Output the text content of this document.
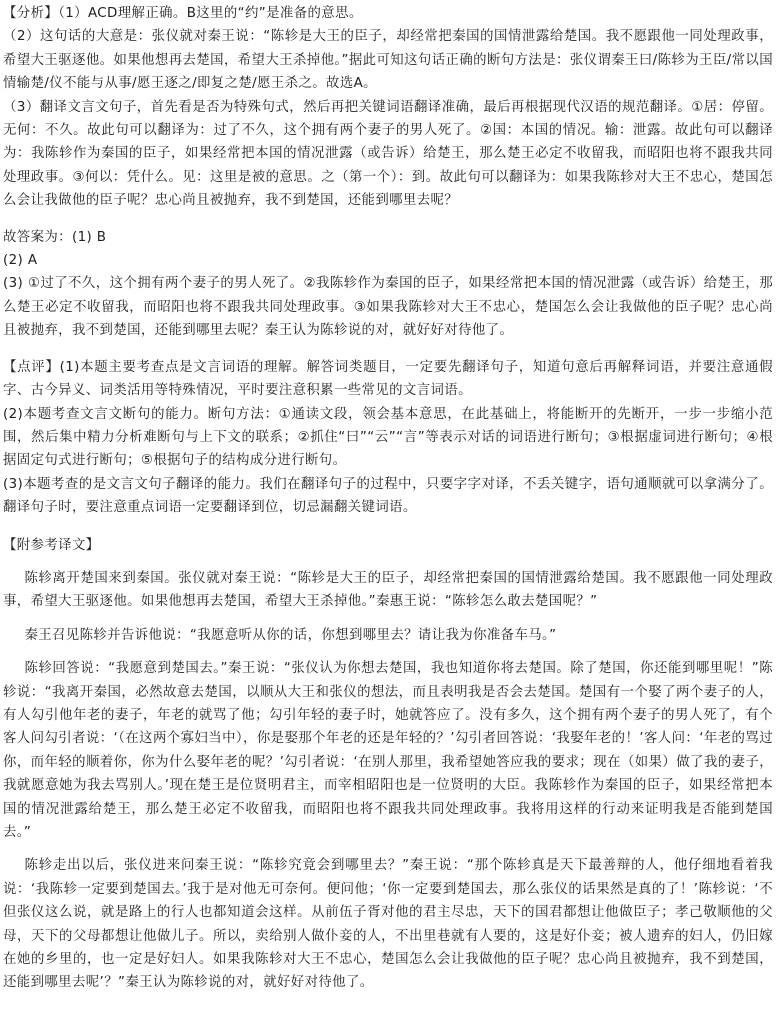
【分析】（1）ACD理解正确。B这里的“约”是准备的意思。

（2）这句话的大意是：张仪就对秦王说：“陈轸是大王的臣子，却经常把秦国的国情泄露给楚国。我不愿跟他一同处理政事，希望大王驱逐他。如果他想再去楚国，希望大王杀掉他。”据此可知这句话正确的断句方法是：张仪谓秦王曰/陈轸为王臣/常以国情输楚/仪不能与从事/愿王逐之/即复之楚/愿王杀之。故选A。

（3）翻译文言文句子，首先看是否为特殊句式，然后再把关键词语翻译准确，最后再根据现代汉语的规范翻译。①居：停留。无何：不久。故此句可以翻译为：过了不久，这个拥有两个妻子的男人死了。②国：本国的情况。输：泄露。故此句可以翻译为：我陈轸作为秦国的臣子，如果经常把本国的情况泄露（或告诉）给楚王，那么楚王必定不收留我，而昭阳也将不跟我共同处理政事。③何以：凭什么。见：这里是被的意思。之（第一个）：到。故此句可以翻译为：如果我陈轸对大王不忠心，楚国怎么会让我做他的臣子呢？忠心尚且被抛弃，我不到楚国，还能到哪里去呢？

故答案为：(1) B

(2) A

(3) ①过了不久，这个拥有两个妻子的男人死了。②我陈轸作为秦国的臣子，如果经常把本国的情况泄露（或告诉）给楚王，那么楚王必定不收留我，而昭阳也将不跟我共同处理政事。③如果我陈轸对大王不忠心，楚国怎么会让我做他的臣子呢？忠心尚且被抛弃，我不到楚国，还能到哪里去呢？秦王认为陈轸说的对，就好好对待他了。

【点评】(1)本题主要考查点是文言词语的理解。解答词类题目，一定要先翻译句子，知道句意后再解释词语，并要注意通假字、古今异义、词类活用等特殊情况，平时要注意积累一些常见的文言词语。

(2)本题考查文言文断句的能力。断句方法：①通读文段，领会基本意思，在此基础上，将能断开的先断开，一步一步缩小范围，然后集中精力分析难断句与上下文的联系；②抓住“曰”“云”“言”等表示对话的词语进行断句；③根据虚词进行断句；④根据固定句式进行断句；⑤根据句子的结构成分进行断句。

(3)本题考查的是文言文句子翻译的能力。我们在翻译句子的过程中，只要字字对译，不丢关键字，语句通顺就可以拿满分了。翻译句子时，要注意重点词语一定要翻译到位，切忌漏翻关键词语。

【附参考译文】

陈轸离开楚国来到秦国。张仪就对秦王说：“陈轸是大王的臣子，却经常把秦国的国情泄露给楚国。我不愿跟他一同处理政事，希望大王驱逐他。如果他想再去楚国，希望大王杀掉他。”秦惠王说：“陈轸怎么敢去楚国呢？”

秦王召见陈轸并告诉他说：“我愿意听从你的话，你想到哪里去？请让我为你准备车马。”

陈轸回答说：“我愿意到楚国去。”秦王说：“张仪认为你想去楚国，我也知道你将去楚国。除了楚国，你还能到哪里呢！”陈轸说：“我离开秦国，必然故意去楚国，以顺从大王和张仪的想法，而且表明我是否会去楚国。楚国有一个娶了两个妻子的人，有人勾引他年老的妻子，年老的就骂了他；勾引年轻的妻子时，她就答应了。没有多久，这个拥有两个妻子的男人死了，有个客人问勾引者说：‘（在这两个寡妇当中），你是娶那个年老的还是年轻的？’勾引者回答说：‘我娶年老的！’客人问：‘年老的骂过你，而年轻的顺着你，你为什么娶年老的呢？’勾引者说：‘在别人那里，我希望她答应我的要求；现在（如果）做了我的妻子，我就愿意她为我去骂别人。’现在楚王是位贤明君主，而宰相昭阳也是一位贤明的大臣。我陈轸作为秦国的臣子，如果经常把本国的情况泄露给楚王，那么楚王必定不收留我，而昭阳也将不跟我共同处理政事。我将用这样的行动来证明我是否能到楚国去。”

陈轸走出以后，张仪进来问秦王说：“陈轸究竟会到哪里去？”秦王说：“那个陈轸真是天下最善辩的人，他仔细地看着我说：‘我陈轸一定要到楚国去。’我于是对他无可奈何。便问他；‘你一定要到楚国去，那么张仪的话果然是真的了！’陈轸说：‘不但张仪这么说，就是路上的行人也都知道会这样。从前伍子胥对他的君主尽忠，天下的国君都想让他做臣子；孝己敬顺他的父母，天下的父母都想让他做儿子。所以，卖给别人做仆妾的人，不出里巷就有人要的，这是好仆妾；被人遗弃的妇人，仍旧嫁在她的乡里的，也一定是好妇人。如果我陈轸对大王不忠心，楚国怎么会让我做他的臣子呢？忠心尚且被抛弃，我不到楚国，还能到哪里去呢’？”秦王认为陈轸说的对，就好好对待他了。
